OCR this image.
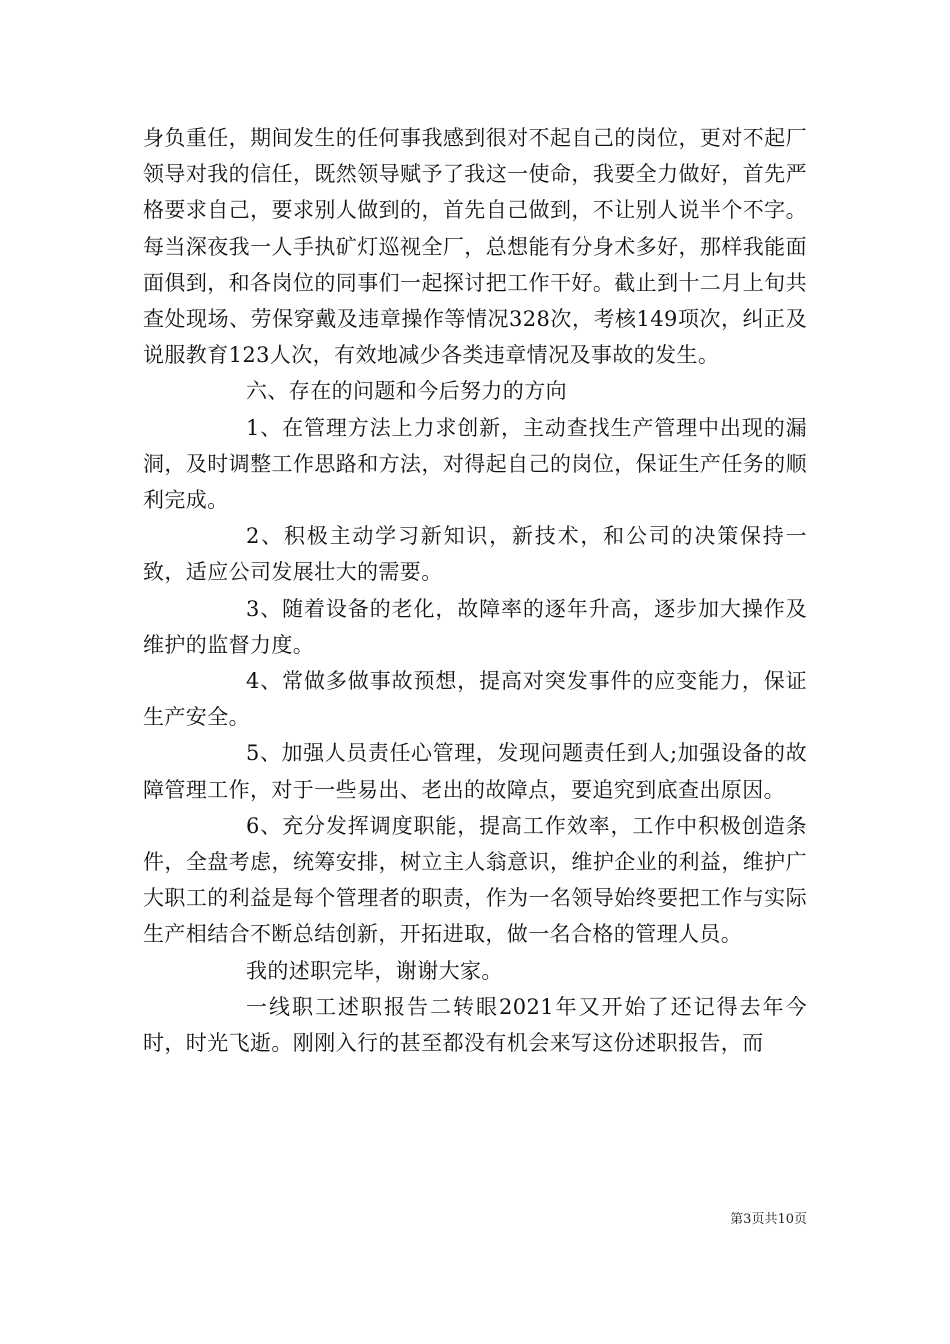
身负重任，期间发生的任何事我感到很对不起自己的岗位，更对不起厂领导对我的信任，既然领导赋予了我这一使命，我要全力做好，首先严格要求自己，要求别人做到的，首先自己做到，不让别人说半个不字。每当深夜我一人手执矿灯巡视全厂，总想能有分身术多好，那样我能面面俱到，和各岗位的同事们一起探讨把工作干好。截止到十二月上旬共查处现场、劳保穿戴及违章操作等情况328次，考核149项次，纠正及说服教育123人次，有效地减少各类违章情况及事故的发生。

六、存在的问题和今后努力的方向

1、在管理方法上力求创新，主动查找生产管理中出现的漏洞，及时调整工作思路和方法，对得起自己的岗位，保证生产任务的顺利完成。

2、积极主动学习新知识，新技术，和公司的决策保持一致，适应公司发展壮大的需要。

3、随着设备的老化，故障率的逐年升高，逐步加大操作及维护的监督力度。

4、常做多做事故预想，提高对突发事件的应变能力，保证生产安全。

5、加强人员责任心管理，发现问题责任到人;加强设备的故障管理工作，对于一些易出、老出的故障点，要追究到底查出原因。

6、充分发挥调度职能，提高工作效率，工作中积极创造条件，全盘考虑，统筹安排，树立主人翁意识，维护企业的利益，维护广大职工的利益是每个管理者的职责，作为一名领导始终要把工作与实际生产相结合不断总结创新，开拓进取，做一名合格的管理人员。

我的述职完毕，谢谢大家。

一线职工述职报告二转眼2021年又开始了还记得去年今时，时光飞逝。刚刚入行的甚至都没有机会来写这份述职报告，而

第3页共10页
